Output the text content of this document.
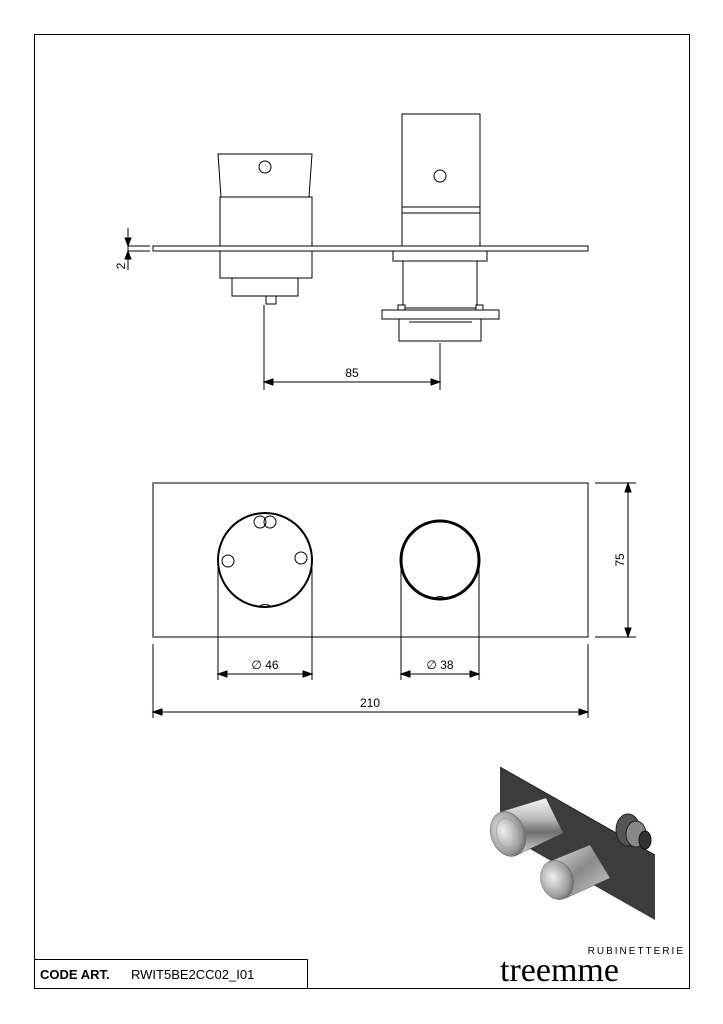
2
85
75
∅ 46	∅ 38
210
CODE ART. RWIT5BE2CC02_I01
RUBINETTERIE
treemme
